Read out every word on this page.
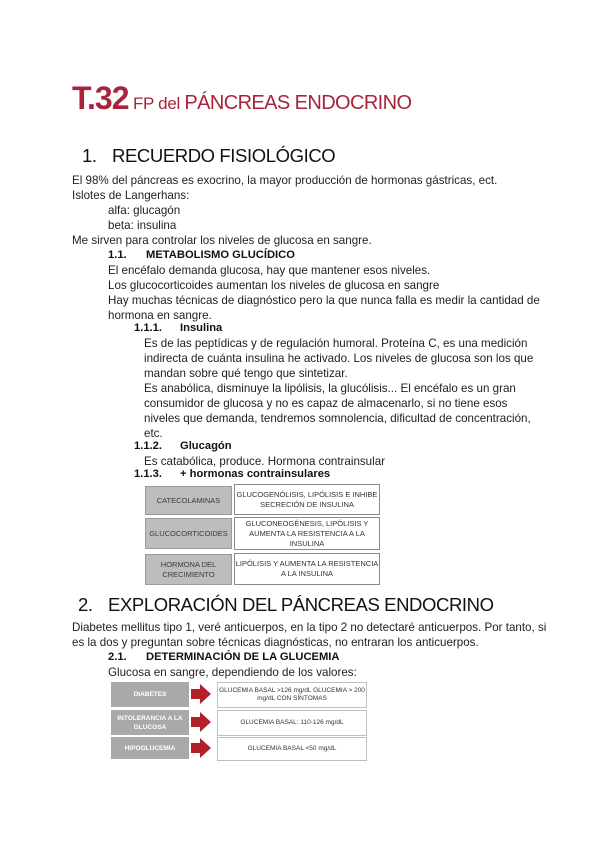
T.32 FP del PÁNCREAS ENDOCRINO
1. RECUERDO FISIOLÓGICO
El 98% del páncreas es exocrino, la mayor producción de hormonas gástricas, ect.
Islotes de Langerhans:
alfa: glucagón
beta: insulina
Me sirven para controlar los niveles de glucosa en sangre.
1.1. METABOLISMO GLUCÍDICO
El encéfalo demanda glucosa, hay que mantener esos niveles.
Los glucocorticoides aumentan los niveles de glucosa en sangre
Hay muchas técnicas de diagnóstico pero la que nunca falla es medir la cantidad de
hormona en sangre.
1.1.1. Insulina
Es de las peptídicas y de regulación humoral. Proteína C, es una medición
indirecta de cuánta insulina he activado. Los niveles de glucosa son los que
mandan sobre qué tengo que sintetizar.
Es anabólica, disminuye la lipólisis, la glucólisis... El encéfalo es un gran
consumidor de glucosa y no es capaz de almacenarlo, si no tiene esos
niveles que demanda, tendremos somnolencia, dificultad de concentración,
etc.
1.1.2. Glucagón
Es catabólica, produce. Hormona contrainsular
1.1.3. + hormonas contrainsulares
CATECOLAMINAS
GLUCOGENÓLISIS, LIPÓLISIS E INHIBE SECRECIÓN DE INSULINA
GLUCOCORTICOIDES
GLUCONEOGÉNESIS, LIPÓLISIS Y AUMENTA LA RESISTENCIA A LA INSULINA
HORMONA DEL CRECIMIENTO
LIPÓLISIS Y AUMENTA LA RESISTENCIA A LA INSULINA
2. EXPLORACIÓN DEL PÁNCREAS ENDOCRINO
Diabetes mellitus tipo 1, veré anticuerpos, en la tipo 2 no detectaré anticuerpos. Por tanto, si
es la dos y preguntan sobre técnicas diagnósticas, no entraran los anticuerpos.
2.1. DETERMINACIÓN DE LA GLUCEMIA
Glucosa en sangre, dependiendo de los valores:
DIABETES
GLUCEMIA BASAL >126 mg/dL GLUCEMIA > 200 mg/dL CON SÍNTOMAS
INTOLERANCIA A LA GLUCOSA
GLUCEMIA BASAL: 110-126 mg/dL
HIPOGLUCEMIA	GLUCEMIA BASAL <50 mg/dL
